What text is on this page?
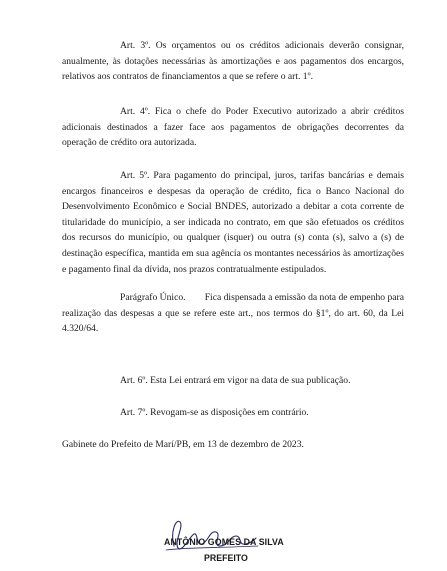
Art. 3º. Os orçamentos ou os créditos adicionais deverão consignar, anualmente, às dotações necessárias às amortizações e aos pagamentos dos encargos, relativos aos contratos de financiamentos a que se refere o art. 1º.

Art. 4º. Fica o chefe do Poder Executivo autorizado a abrir créditos adicionais destinados a fazer face aos pagamentos de obrigações decorrentes da operação de crédito ora autorizada.

Art. 5º. Para pagamento do principal, juros, tarifas bancárias e demais encargos financeiros e despesas da operação de crédito, fica o Banco Nacional do Desenvolvimento Econômico e Social BNDES, autorizado a debitar a cota corrente de titularidade do município, a ser indicada no contrato, em que são efetuados os créditos dos recursos do município, ou qualquer (isquer) ou outra (s) conta (s), salvo a (s) de destinação específica, mantida em sua agência os montantes necessários às amortizações e pagamento final da dívida, nos prazos contratualmente estipulados.

Parágrafo Único. Fica dispensada a emissão da nota de empenho para realização das despesas a que se refere este art., nos termos do §1º, do art. 60, da Lei 4.320/64.

Art. 6º. Esta Lei entrará em vigor na data de sua publicação.

Art. 7º. Revogam-se as disposições em contrário.

Gabinete do Prefeito de Marí/PB, em 13 de dezembro de 2023.

ANTÔNIO GOMES DA SILVA
PREFEITO
